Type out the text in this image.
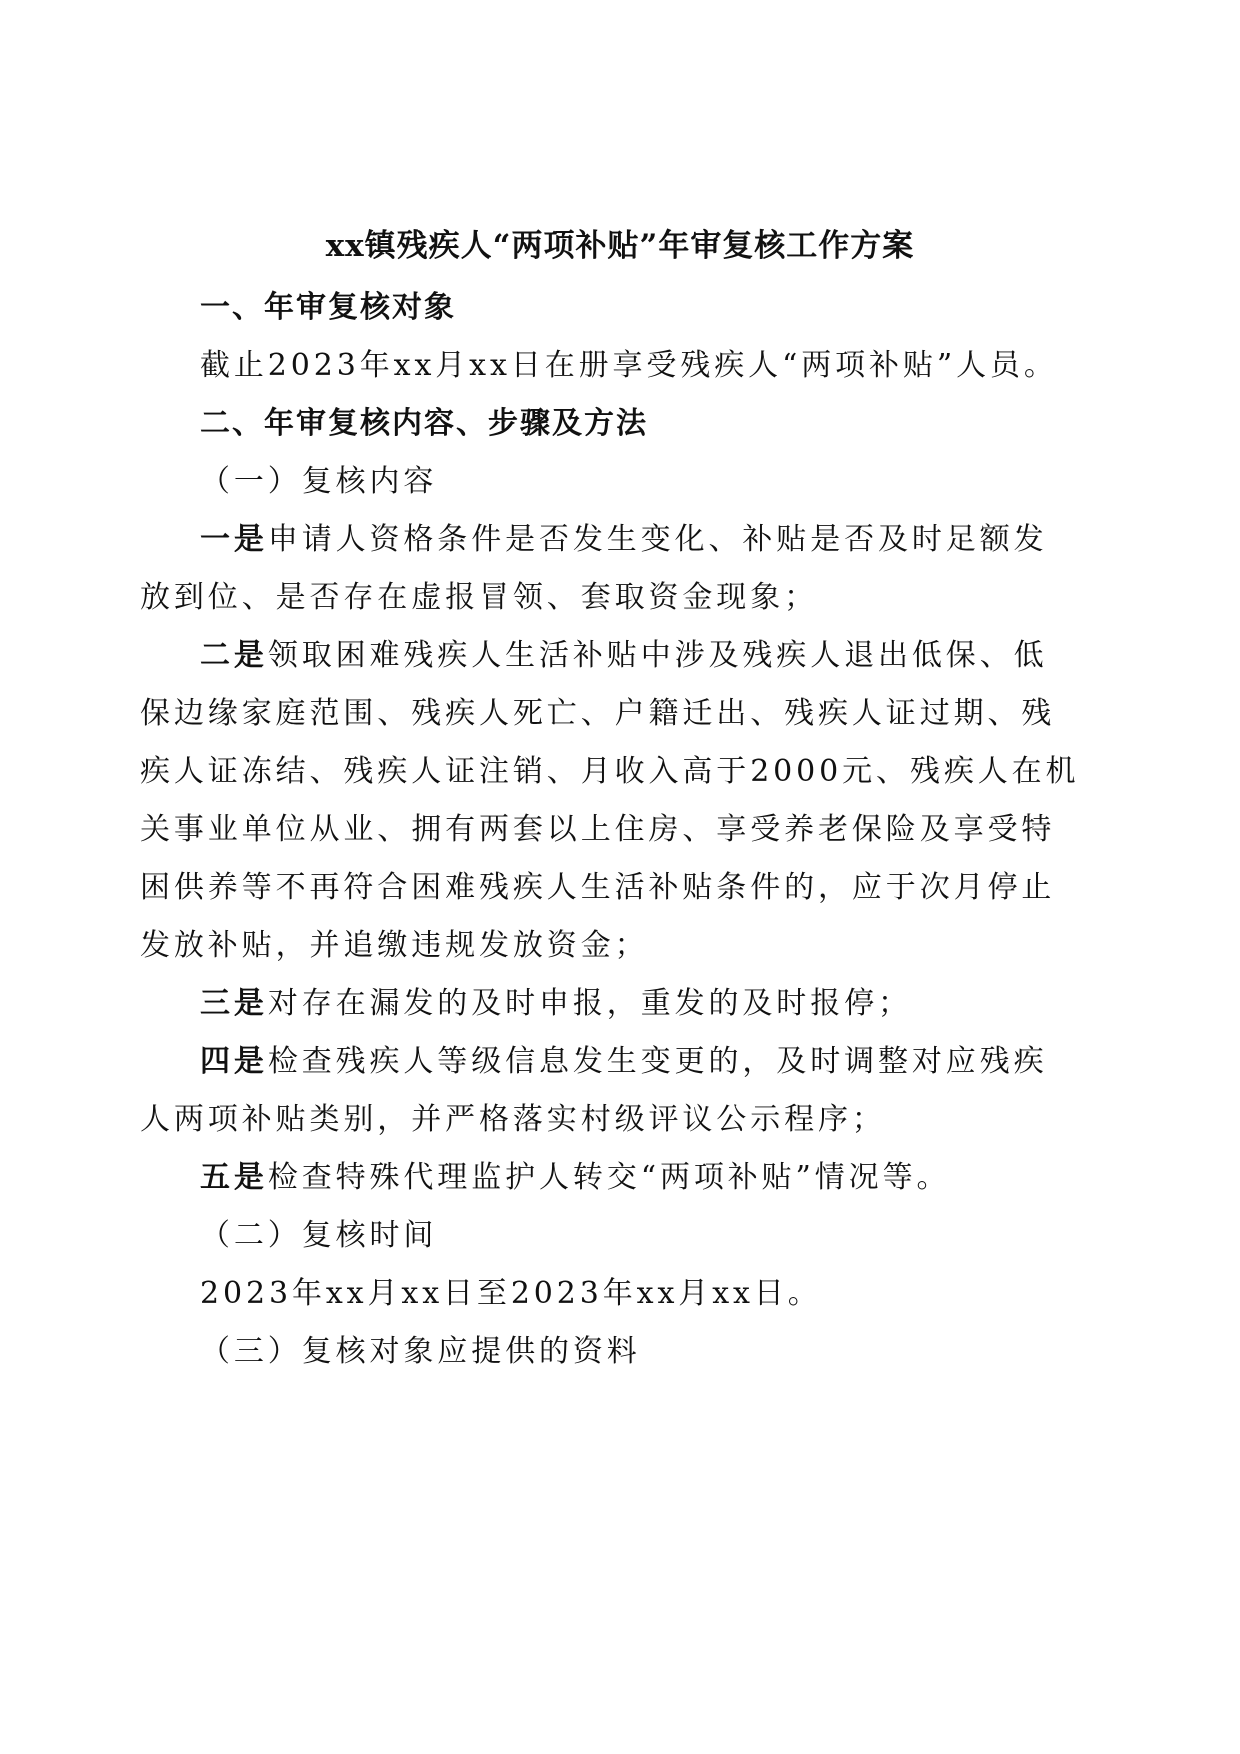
xx镇残疾人“两项补贴”年审复核工作方案
一、年审复核对象
截止2023年xx月xx日在册享受残疾人“两项补贴”人员。
二、年审复核内容、步骤及方法
（一）复核内容
一是申请人资格条件是否发生变化、补贴是否及时足额发
放到位、是否存在虚报冒领、套取资金现象；
二是领取困难残疾人生活补贴中涉及残疾人退出低保、低
保边缘家庭范围、残疾人死亡、户籍迁出、残疾人证过期、残
疾人证冻结、残疾人证注销、月收入高于2000元、残疾人在机
关事业单位从业、拥有两套以上住房、享受养老保险及享受特
困供养等不再符合困难残疾人生活补贴条件的，应于次月停止
发放补贴，并追缴违规发放资金；
三是对存在漏发的及时申报，重发的及时报停；
四是检查残疾人等级信息发生变更的，及时调整对应残疾
人两项补贴类别，并严格落实村级评议公示程序；
五是检查特殊代理监护人转交“两项补贴”情况等。
（二）复核时间
2023年xx月xx日至2023年xx月xx日。
（三）复核对象应提供的资料
